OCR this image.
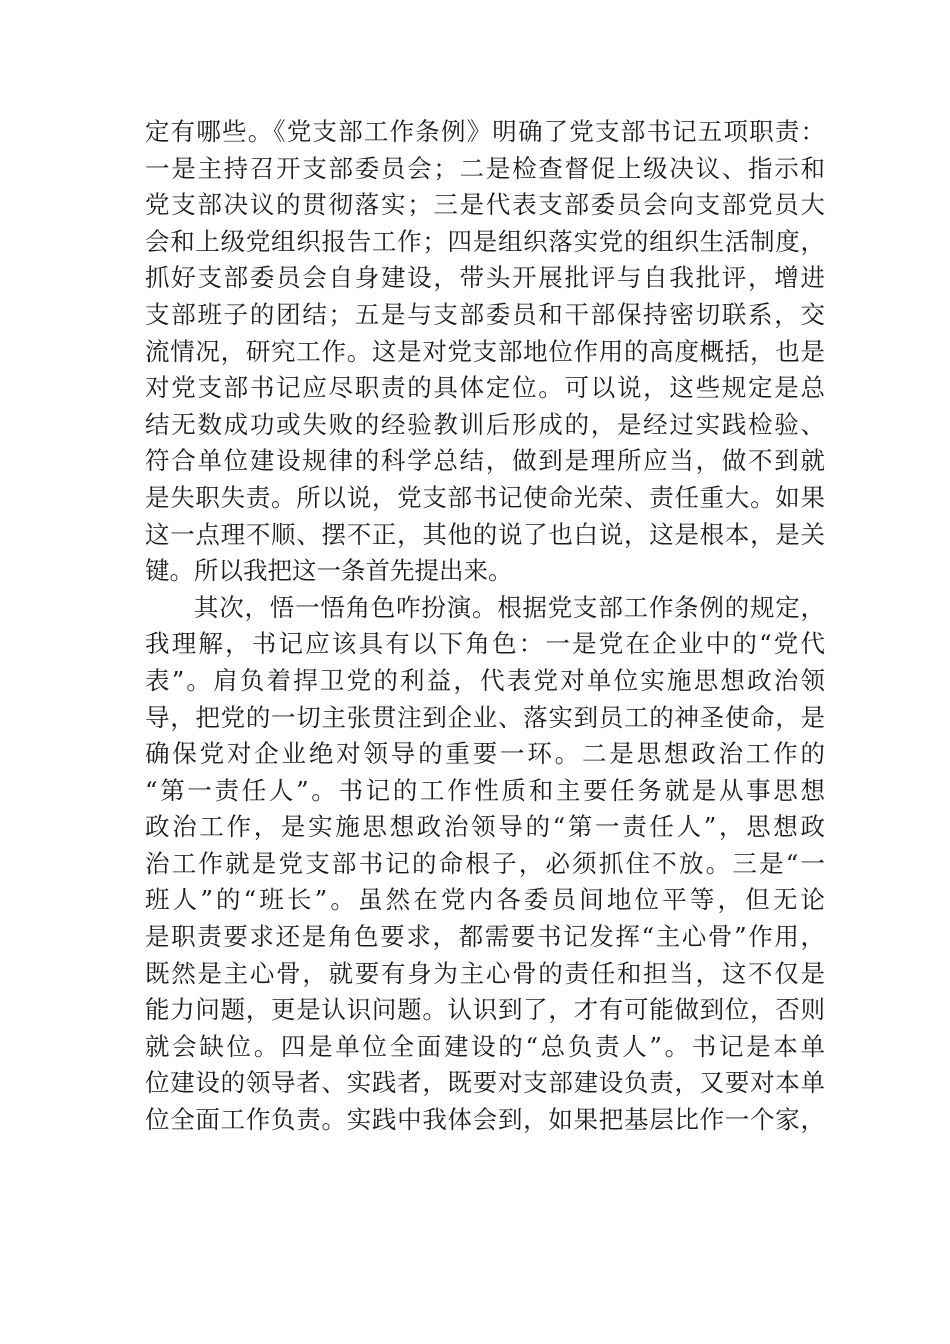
定有哪些。《党支部工作条例》明确了党支部书记五项职责：
一是主持召开支部委员会；二是检查督促上级决议、指示和
党支部决议的贯彻落实；三是代表支部委员会向支部党员大
会和上级党组织报告工作；四是组织落实党的组织生活制度，
抓好支部委员会自身建设，带头开展批评与自我批评，增进
支部班子的团结；五是与支部委员和干部保持密切联系，交
流情况，研究工作。这是对党支部地位作用的高度概括，也是
对党支部书记应尽职责的具体定位。可以说，这些规定是总
结无数成功或失败的经验教训后形成的，是经过实践检验、
符合单位建设规律的科学总结，做到是理所应当，做不到就
是失职失责。所以说，党支部书记使命光荣、责任重大。如果
这一点理不顺、摆不正，其他的说了也白说，这是根本，是关
键。所以我把这一条首先提出来。
其次，悟一悟角色咋扮演。根据党支部工作条例的规定，
我理解，书记应该具有以下角色：一是党在企业中的“党代
表”。肩负着捍卫党的利益，代表党对单位实施思想政治领
导，把党的一切主张贯注到企业、落实到员工的神圣使命，是
确保党对企业绝对领导的重要一环。二是思想政治工作的
“第一责任人”。书记的工作性质和主要任务就是从事思想
政治工作，是实施思想政治领导的“第一责任人”，思想政
治工作就是党支部书记的命根子，必须抓住不放。三是“一
班人”的“班长”。虽然在党内各委员间地位平等，但无论
是职责要求还是角色要求，都需要书记发挥“主心骨”作用，
既然是主心骨，就要有身为主心骨的责任和担当，这不仅是
能力问题，更是认识问题。认识到了，才有可能做到位，否则
就会缺位。四是单位全面建设的“总负责人”。书记是本单
位建设的领导者、实践者，既要对支部建设负责，又要对本单
位全面工作负责。实践中我体会到，如果把基层比作一个家，
